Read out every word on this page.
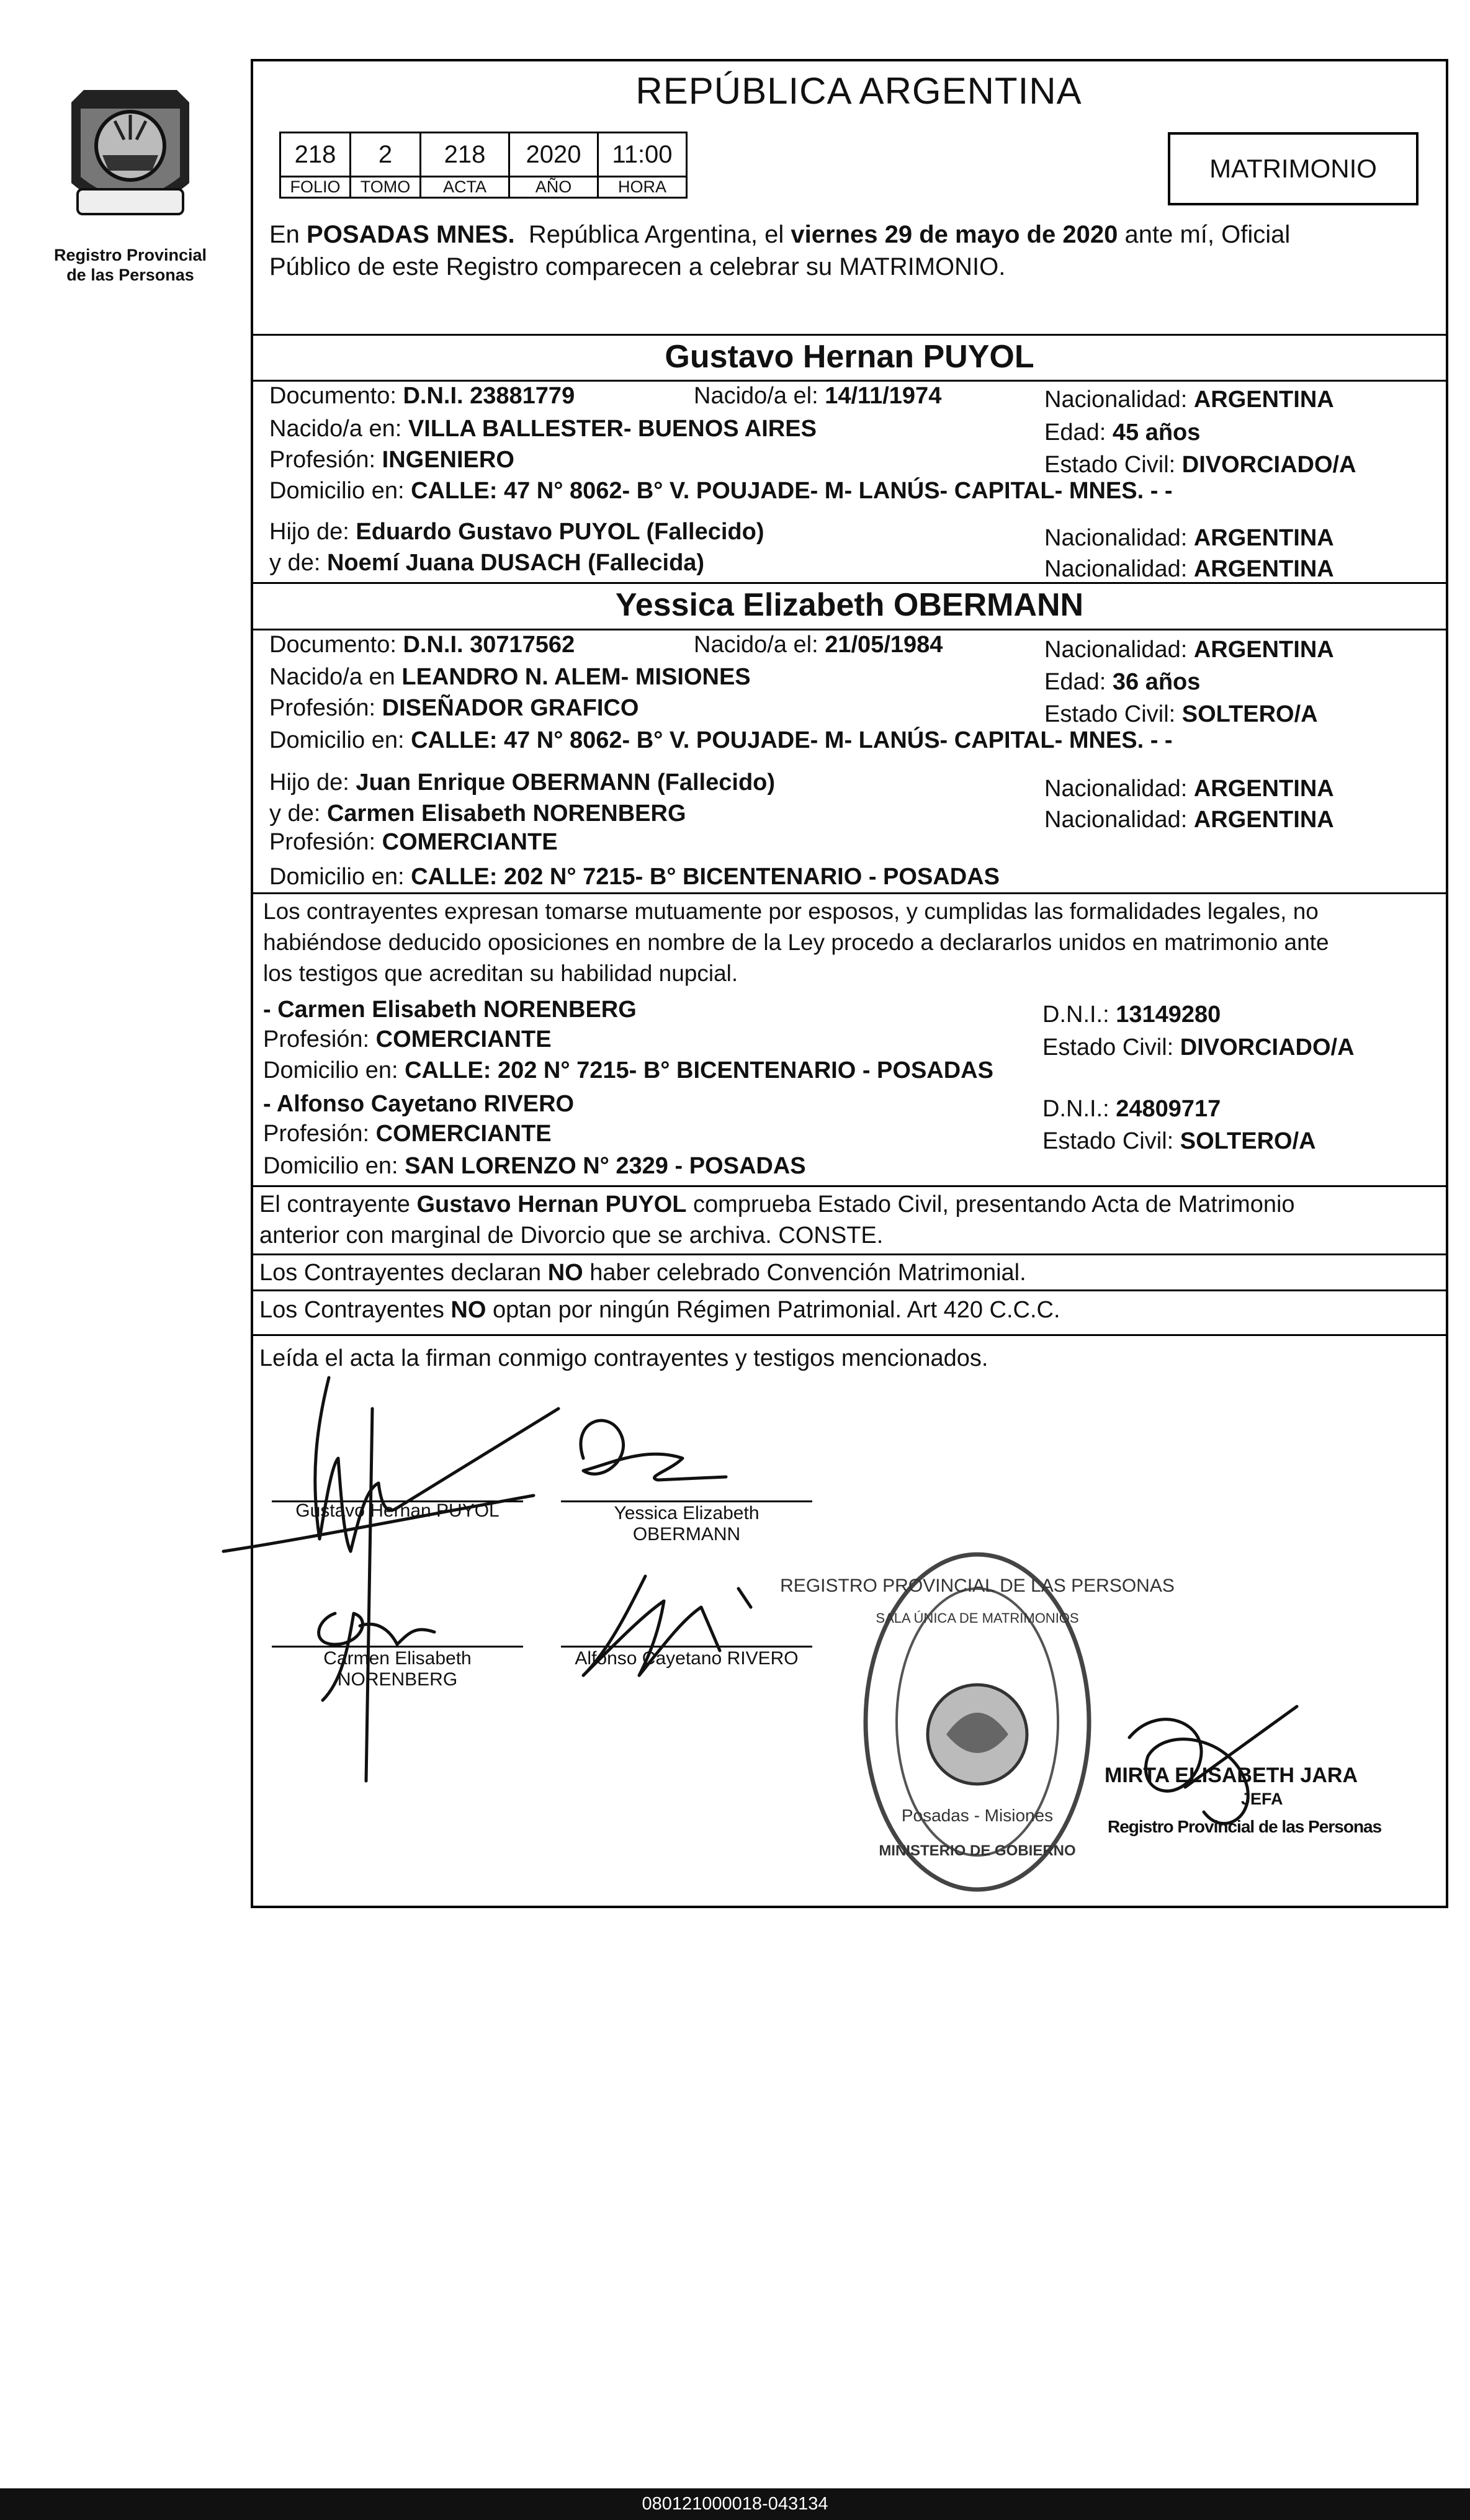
Registro Provincial
de las Personas
REPÚBLICA ARGENTINA
218	2	218	2020	11:00
FOLIO	TOMO	ACTA	AÑO	HORA
MATRIMONIO
En POSADAS MNES.  República Argentina, el viernes 29 de mayo de 2020 ante mí, Oficial
Público de este Registro comparecen a celebrar su MATRIMONIO.
Gustavo Hernan PUYOL
Documento: D.N.I. 23881779	Nacido/a el: 14/11/1974	Nacionalidad: ARGENTINA
Nacido/a en: VILLA BALLESTER- BUENOS AIRES	Edad: 45 años
Profesión: INGENIERO	Estado Civil: DIVORCIADO/A
Domicilio en: CALLE: 47 N° 8062- B° V. POUJADE- M- LANÚS- CAPITAL- MNES. - -
Hijo de: Eduardo Gustavo PUYOL (Fallecido)	Nacionalidad: ARGENTINA
y de: Noemí Juana DUSACH (Fallecida)	Nacionalidad: ARGENTINA
Yessica Elizabeth OBERMANN
Documento: D.N.I. 30717562	Nacido/a el: 21/05/1984	Nacionalidad: ARGENTINA
Nacido/a en LEANDRO N. ALEM- MISIONES	Edad: 36 años
Profesión: DISEÑADOR GRAFICO	Estado Civil: SOLTERO/A
Domicilio en: CALLE: 47 N° 8062- B° V. POUJADE- M- LANÚS- CAPITAL- MNES. - -
Hijo de: Juan Enrique OBERMANN (Fallecido)	Nacionalidad: ARGENTINA
y de: Carmen Elisabeth NORENBERG	Nacionalidad: ARGENTINA
Profesión: COMERCIANTE
Domicilio en: CALLE: 202 N° 7215- B° BICENTENARIO - POSADAS
Los contrayentes expresan tomarse mutuamente por esposos, y cumplidas las formalidades legales, no
habiéndose deducido oposiciones en nombre de la Ley procedo a declararlos unidos en matrimonio ante
los testigos que acreditan su habilidad nupcial.
- Carmen Elisabeth NORENBERG	D.N.I.: 13149280
Profesión: COMERCIANTE	Estado Civil: DIVORCIADO/A
Domicilio en: CALLE: 202 N° 7215- B° BICENTENARIO - POSADAS
- Alfonso Cayetano RIVERO	D.N.I.: 24809717
Profesión: COMERCIANTE	Estado Civil: SOLTERO/A
Domicilio en: SAN LORENZO N° 2329 - POSADAS
El contrayente Gustavo Hernan PUYOL comprueba Estado Civil, presentando Acta de Matrimonio
anterior con marginal de Divorcio que se archiva. CONSTE.
Los Contrayentes declaran NO haber celebrado Convención Matrimonial.
Los Contrayentes NO optan por ningún Régimen Patrimonial. Art 420 C.C.C.
Leída el acta la firman conmigo contrayentes y testigos mencionados.
Gustavo Hernan PUYOL	Yessica Elizabeth
OBERMANN
Carmen Elisabeth
NORENBERG
Alfonso Cayetano RIVERO
REGISTRO PROVINCIAL DE LAS PERSONAS
SALA ÚNICA DE MATRIMONIOS
Posadas - Misiones
MINISTERIO DE GOBIERNO
MIRTA ELISABETH JARA
JEFA
Registro Provincial de las Personas
080121000018-043134
